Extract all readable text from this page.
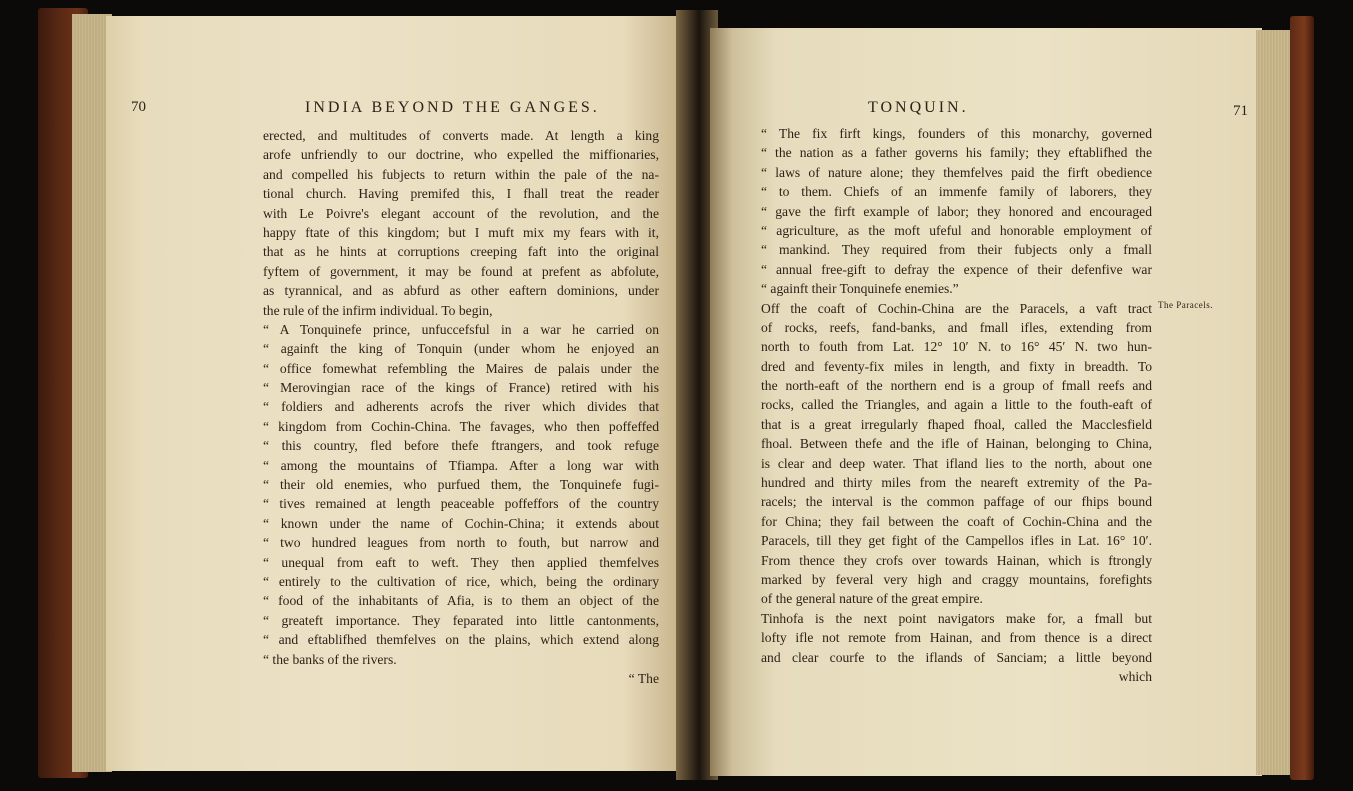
70	INDIA BEYOND THE GANGES.
erected, and multitudes of converts made. At length a king
arofe unfriendly to our doctrine, who expelled the miffionaries,
and compelled his fubjects to return within the pale of the na-
tional church. Having premifed this, I fhall treat the reader
with Le Poivre's elegant account of the revolution, and the
happy ftate of this kingdom; but I muft mix my fears with it,
that as he hints at corruptions creeping faft into the original
fyftem of government, it may be found at prefent as abfolute,
as tyrannical, and as abfurd as other eaftern dominions, under
the rule of the infirm individual. To begin,
“ A Tonquinefe prince, unfuccefsful in a war he carried on
“ againft the king of Tonquin (under whom he enjoyed an
“ office fomewhat refembling the Maires de palais under the
“ Merovingian race of the kings of France) retired with his
“ foldiers and adherents acrofs the river which divides that
“ kingdom from Cochin-China. The favages, who then poffeffed
“ this country, fled before thefe ftrangers, and took refuge
“ among the mountains of Tfiampa. After a long war with
“ their old enemies, who purfued them, the Tonquinefe fugi-
“ tives remained at length peaceable poffeffors of the country
“ known under the name of Cochin-China; it extends about
“ two hundred leagues from north to fouth, but narrow and
“ unequal from eaft to weft. They then applied themfelves
“ entirely to the cultivation of rice, which, being the ordinary
“ food of the inhabitants of Afia, is to them an object of the
“ greateft importance. They feparated into little cantonments,
“ and eftablifhed themfelves on the plains, which extend along
“ the banks of the rivers.
“ The
TONQUIN.	71
“ The fix firft kings, founders of this monarchy, governed
“ the nation as a father governs his family; they eftablifhed the
“ laws of nature alone; they themfelves paid the firft obedience
“ to them. Chiefs of an immenfe family of laborers, they
“ gave the firft example of labor; they honored and encouraged
“ agriculture, as the moft ufeful and honorable employment of
“ mankind. They required from their fubjects only a fmall
“ annual free-gift to defray the expence of their defenfive war
“ againft their Tonquinefe enemies.”
Off the coaft of Cochin-China are the Paracels, a vaft tract
of rocks, reefs, fand-banks, and fmall ifles, extending from
north to fouth from Lat. 12° 10′ N. to 16° 45′ N. two hun-
dred and feventy-fix miles in length, and fixty in breadth. To
the north-eaft of the northern end is a group of fmall reefs and
rocks, called the Triangles, and again a little to the fouth-eaft of
that is a great irregularly fhaped fhoal, called the Macclesfield
fhoal. Between thefe and the ifle of Hainan, belonging to China,
is clear and deep water. That ifland lies to the north, about one
hundred and thirty miles from the neareft extremity of the Pa-
racels; the interval is the common paffage of our fhips bound
for China; they fail between the coaft of Cochin-China and the
Paracels, till they get fight of the Campellos ifles in Lat. 16° 10′.
From thence they crofs over towards Hainan, which is ftrongly
marked by feveral very high and craggy mountains, forefights
of the general nature of the great empire.
Tinhofa is the next point navigators make for, a fmall but
lofty ifle not remote from Hainan, and from thence is a direct
and clear courfe to the iflands of Sanciam; a little beyond
which
The Paracels.
